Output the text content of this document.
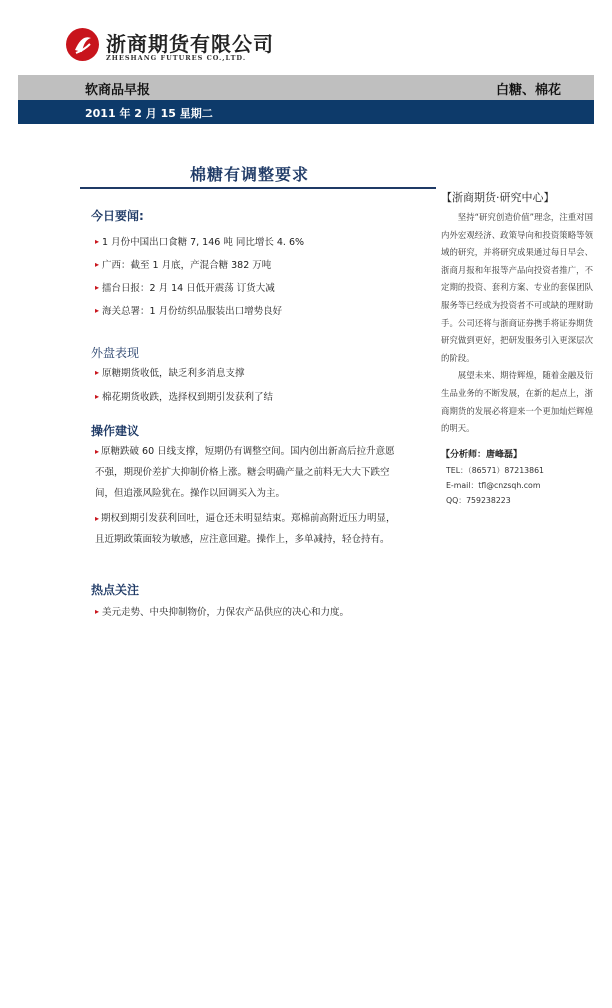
浙商期货有限公司
ZHESHANG FUTURES CO.,LTD.
软商品早报	白糖、棉花
2011 年 2 月 15 星期二
棉糖有调整要求
今日要闻:
▸ 1 月份中国出口食糖 7, 146 吨 同比增长 4. 6%
▸ 广西：截至 1 月底，产混合糖 382 万吨
▸ 擂台日报：2 月 14 日低开震荡 订货大减
▸ 海关总署：1 月份纺织品服装出口增势良好
外盘表现
▸ 原糖期货收低，缺乏利多消息支撑
▸ 棉花期货收跌，选择权到期引发获利了结
操作建议
▸ 原糖跌破 60 日线支撑，短期仍有调整空间。国内创出新高后拉升意愿
不强，期现价差扩大抑制价格上涨。糖会明确产量之前料无大大下跌空
间，但追涨风险犹在。操作以回调买入为主。
▸ 期权到期引发获利回吐，逼仓还未明显结束。郑棉前高附近压力明显，
且近期政策面较为敏感，应注意回避。操作上，多单减持，轻仓持有。
热点关注
▸ 美元走势、中央抑制物价，力保农产品供应的决心和力度。
【浙商期货·研究中心】

坚持“研究创造价值”理念，注重对国内外宏观经济、政策导向和投资策略等领域的研究，并将研究成果通过每日早会、浙商月报和年报等产品向投资者推广，不定期的投资、套利方案、专业的套保团队服务等已经成为投资者不可或缺的理财助手。公司还将与浙商证券携手将证券期货研究做到更好，把研发服务引入更深层次的阶段。

展望未来、期待辉煌，随着金融及衍生品业务的不断发展，在新的起点上，浙商期货的发展必将迎来一个更加灿烂辉煌的明天。

【分析师：唐峰磊】
TEL：（86571）87213861
E-mail：tfl@cnzsqh.com
QQ：759238223
